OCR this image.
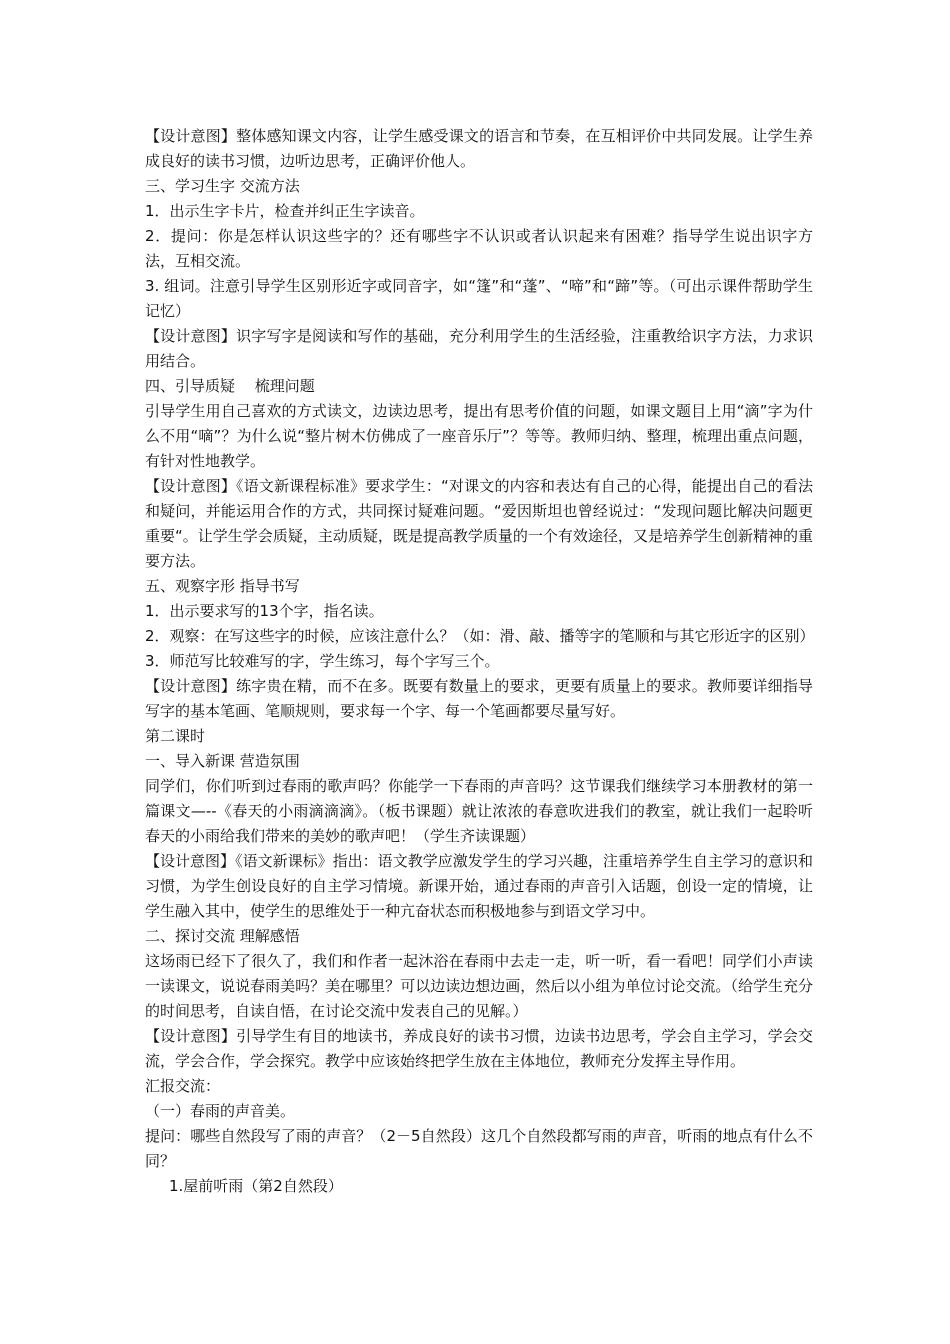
【设计意图】整体感知课文内容，让学生感受课文的语言和节奏，在互相评价中共同发展。让学生养成良好的读书习惯，边听边思考，正确评价他人。

三、学习生字 交流方法

1．出示生字卡片，检查并纠正生字读音。

2．提问：你是怎样认识这些字的？还有哪些字不认识或者认识起来有困难？指导学生说出识字方法，互相交流。

3. 组词。注意引导学生区别形近字或同音字，如“篷”和“蓬”、“啼”和“蹄”等。（可出示课件帮助学生记忆）

【设计意图】识字写字是阅读和写作的基础，充分利用学生的生活经验，注重教给识字方法，力求识用结合。

四、引导质疑　 梳理问题

引导学生用自己喜欢的方式读文，边读边思考，提出有思考价值的问题，如课文题目上用“滴”字为什么不用“嘀”？为什么说“整片树木仿佛成了一座音乐厅”？等等。教师归纳、整理，梳理出重点问题，有针对性地教学。

【设计意图】《语文新课程标准》要求学生：“对课文的内容和表达有自己的心得，能提出自己的看法和疑问，并能运用合作的方式，共同探讨疑难问题。“爱因斯坦也曾经说过：“发现问题比解决问题更重要“。让学生学会质疑，主动质疑，既是提高教学质量的一个有效途径，又是培养学生创新精神的重要方法。

五、观察字形 指导书写

1．出示要求写的13个字，指名读。

2．观察：在写这些字的时候，应该注意什么？（如：滑、敲、播等字的笔顺和与其它形近字的区别）

3．师范写比较难写的字，学生练习，每个字写三个。

【设计意图】练字贵在精，而不在多。既要有数量上的要求，更要有质量上的要求。教师要详细指导写字的基本笔画、笔顺规则，要求每一个字、每一个笔画都要尽量写好。

第二课时

一、导入新课 营造氛围

同学们，你们听到过春雨的歌声吗？你能学一下春雨的声音吗？这节课我们继续学习本册教材的第一篇课文—--《春天的小雨滴滴滴》。（板书课题）就让浓浓的春意吹进我们的教室，就让我们一起聆听春天的小雨给我们带来的美妙的歌声吧！（学生齐读课题）

【设计意图】《语文新课标》指出：语文教学应激发学生的学习兴趣，注重培养学生自主学习的意识和习惯，为学生创设良好的自主学习情境。新课开始，通过春雨的声音引入话题，创设一定的情境，让学生融入其中，使学生的思维处于一种亢奋状态而积极地参与到语文学习中。

二、探讨交流 理解感悟

这场雨已经下了很久了，我们和作者一起沐浴在春雨中去走一走，听一听，看一看吧！同学们小声读一读课文，说说春雨美吗？美在哪里？可以边读边想边画，然后以小组为单位讨论交流。（给学生充分的时间思考，自读自悟，在讨论交流中发表自己的见解。）

【设计意图】引导学生有目的地读书，养成良好的读书习惯，边读书边思考，学会自主学习，学会交流，学会合作，学会探究。教学中应该始终把学生放在主体地位，教师充分发挥主导作用。

汇报交流：

（一）春雨的声音美。

提问：哪些自然段写了雨的声音？（2－5自然段）这几个自然段都写雨的声音，听雨的地点有什么不同？

1.屋前听雨（第2自然段）
